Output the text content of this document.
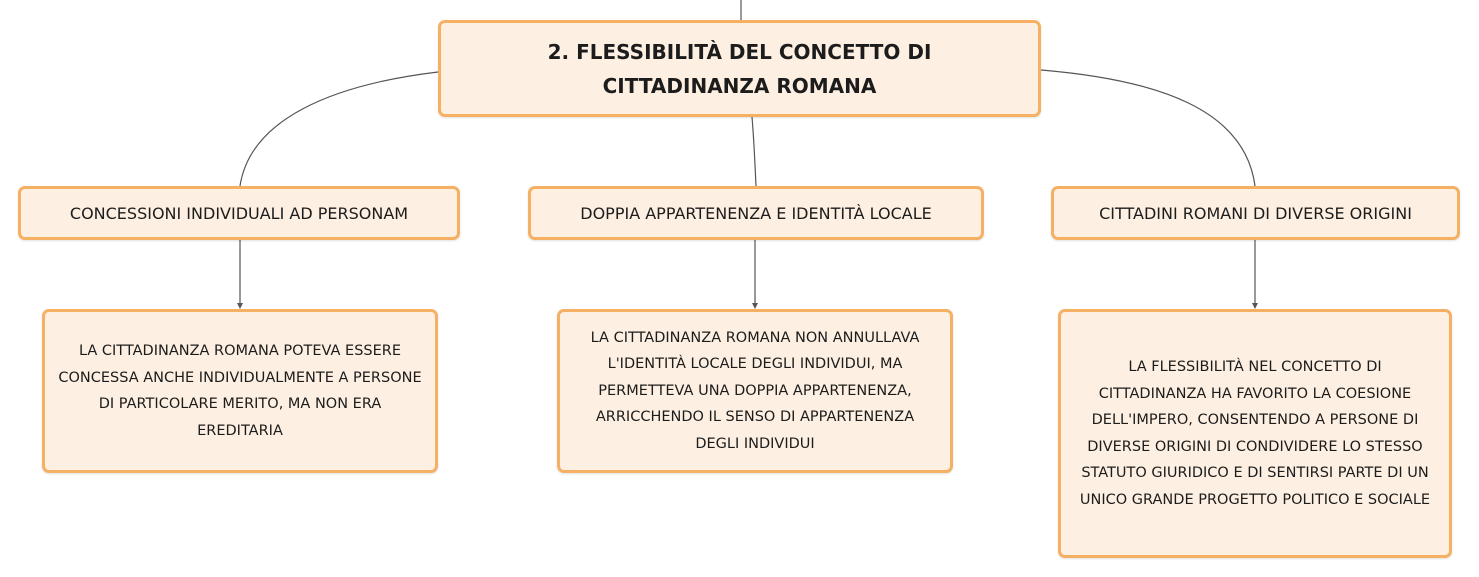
2. FLESSIBILITÀ DEL CONCETTO DI CITTADINANZA ROMANA
CONCESSIONI INDIVIDUALI AD PERSONAM	DOPPIA APPARTENENZA E IDENTITÀ LOCALE	CITTADINI ROMANI DI DIVERSE ORIGINI
LA CITTADINANZA ROMANA POTEVA ESSERE CONCESSA ANCHE INDIVIDUALMENTE A PERSONE DI PARTICOLARE MERITO, MA NON ERA EREDITARIA
LA CITTADINANZA ROMANA NON ANNULLAVA L'IDENTITÀ LOCALE DEGLI INDIVIDUI, MA PERMETTEVA UNA DOPPIA APPARTENENZA, ARRICCHENDO IL SENSO DI APPARTENENZA DEGLI INDIVIDUI
LA FLESSIBILITÀ NEL CONCETTO DI CITTADINANZA HA FAVORITO LA COESIONE DELL'IMPERO, CONSENTENDO A PERSONE DI DIVERSE ORIGINI DI CONDIVIDERE LO STESSO STATUTO GIURIDICO E DI SENTIRSI PARTE DI UN UNICO GRANDE PROGETTO POLITICO E SOCIALE
